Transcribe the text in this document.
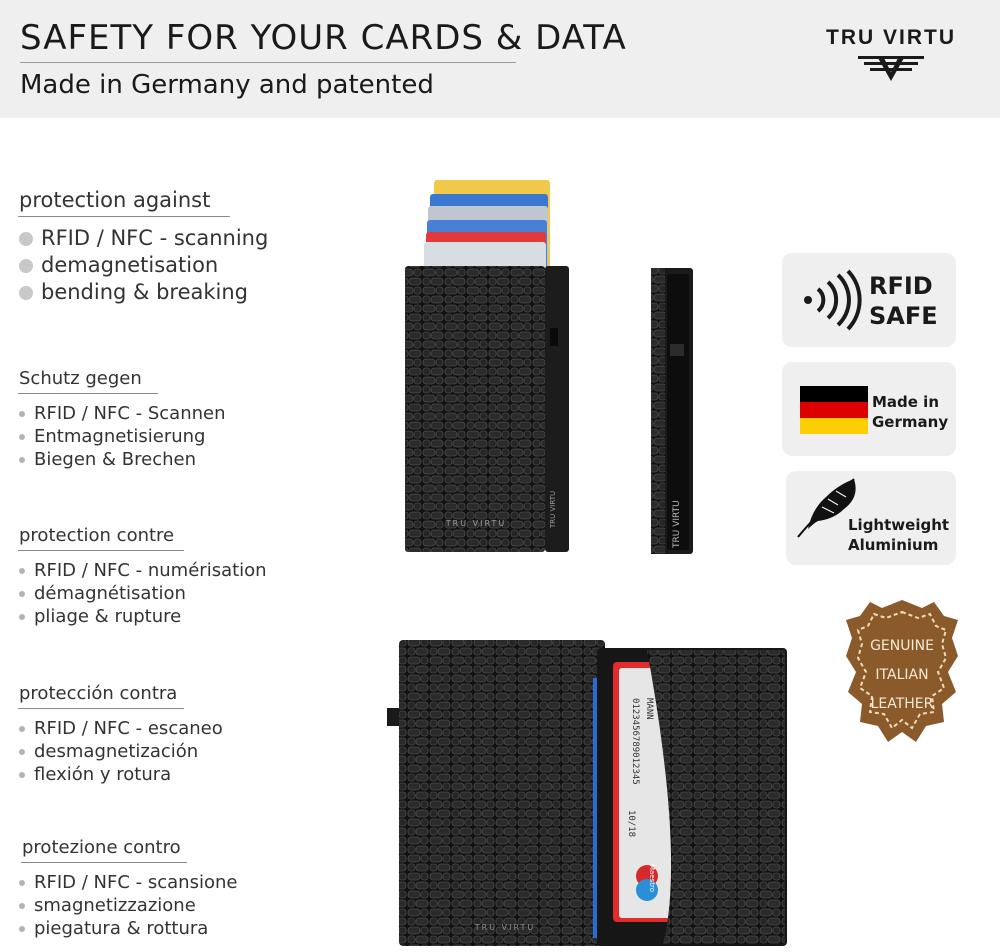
SAFETY FOR YOUR CARDS & DATA
Made in Germany and patented
TRU VIRTU
protection against
RFID / NFC - scanning
demagnetisation
bending & breaking
Schutz gegen
RFID / NFC - Scannen
Entmagnetisierung
Biegen & Brechen
protection contre
RFID / NFC - numérisation
démagnétisation
pliage & rupture
protección contra
RFID / NFC - escaneo
desmagnetización
flexión y rotura
protezione contro
RFID / NFC - scansione
smagnetizzazione
piegatura & rottura
TRU VIRTU	TRU VIRTU	TRU VIRTU
0123456789012345 MANN
10/18
Maestro
TRU VIRTU
RFID
SAFE
Made in
Germany
Lightweight
Aluminium
GENUINE
ITALIAN
LEATHER
